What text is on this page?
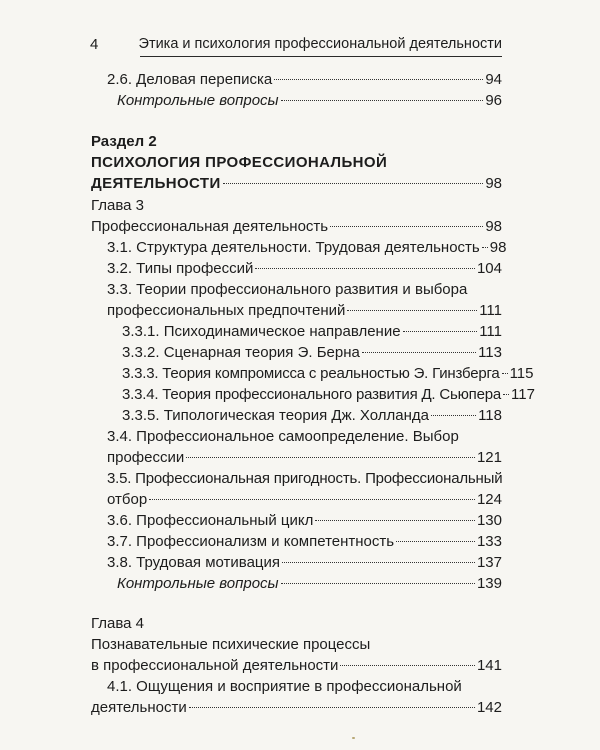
4	Этика и психология профессиональной деятельности
2.6. Деловая переписка	94
Контрольные вопросы	96
Раздел 2
ПСИХОЛОГИЯ ПРОФЕССИОНАЛЬНОЙ
ДЕЯТЕЛЬНОСТИ	98
Глава 3
Профессиональная деятельность	98
3.1. Структура деятельности. Трудовая деятельность 98
3.2. Типы профессий	104
3.3. Теории профессионального развития и выбора
профессиональных предпочтений	111
3.3.1. Психодинамическое направление	111
3.3.2. Сценарная теория Э. Берна	113
3.3.3. Теория компромисса с реальностью Э. Гинзберга 115
3.3.4. Теория профессионального развития Д. Сьюпера 117
3.3.5. Типологическая теория Дж. Холланда	118
3.4. Профессиональное самоопределение. Выбор
профессии	121
3.5. Профессиональная пригодность. Профессиональный
отбор	124
3.6. Профессиональный цикл	130
3.7. Профессионализм и компетентность	133
3.8. Трудовая мотивация	137
Контрольные вопросы	139
Глава 4
Познавательные психические процессы
в профессиональной деятельности	141
4.1. Ощущения и восприятие в профессиональной
деятельности	142
